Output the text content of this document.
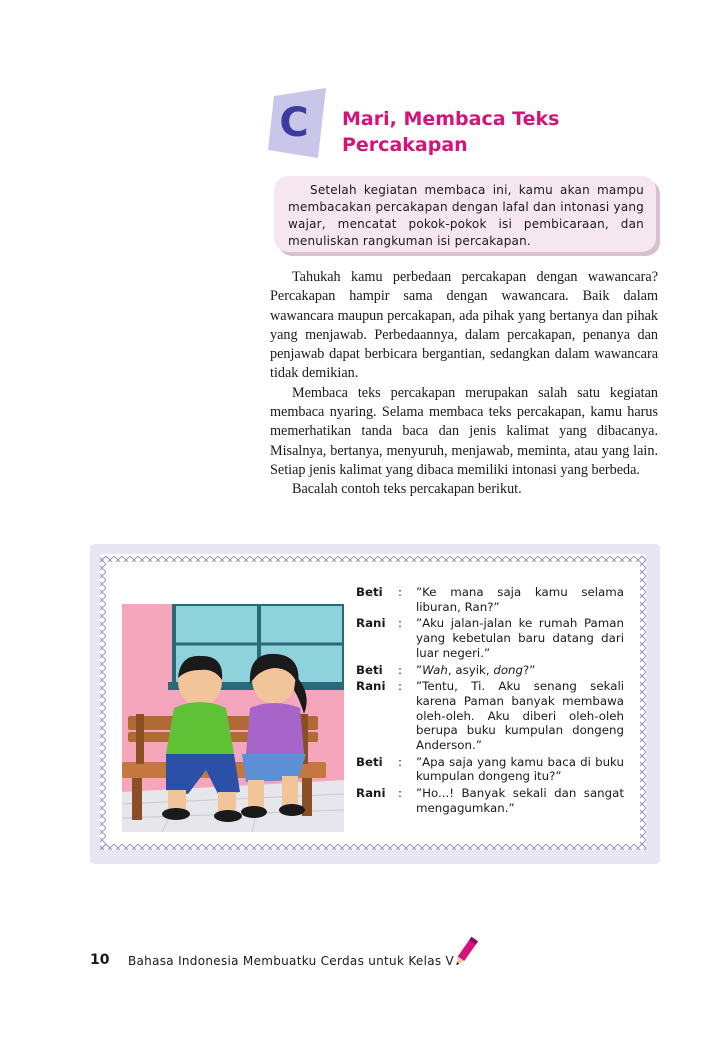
C Mari, Membaca Teks
Percakapan

Setelah kegiatan membaca ini, kamu akan mampu membacakan percakapan dengan lafal dan intonasi yang wajar, mencatat pokok-pokok isi pembicaraan, dan menuliskan rangkuman isi percakapan.

Tahukah kamu perbedaan percakapan dengan wawancara? Percakapan hampir sama dengan wawancara. Baik dalam wawancara maupun percakapan, ada pihak yang bertanya dan pihak yang menjawab. Perbedaannya, dalam percakapan, penanya dan penjawab dapat berbicara bergantian, sedangkan dalam wawancara tidak demikian.

Membaca teks percakapan merupakan salah satu kegiatan membaca nyaring. Selama membaca teks percakapan, kamu harus memerhatikan tanda baca dan jenis kalimat yang dibacanya. Misalnya, bertanya, menyuruh, menjawab, meminta, atau yang lain. Setiap jenis kalimat yang dibaca memiliki intonasi yang berbeda.

Bacalah contoh teks percakapan berikut.

Beti	:	”Ke mana saja kamu selama liburan, Ran?”
Rani	:	”Aku jalan-jalan ke rumah Paman yang kebetulan baru datang dari luar negeri.”
Beti	:	”Wah, asyik, dong?”
Rani	:	”Tentu, Ti. Aku senang sekali karena Paman banyak membawa oleh-oleh. Aku diberi oleh-oleh berupa buku kumpulan dongeng Anderson.”
Beti	:	”Apa saja yang kamu baca di buku kumpulan dongeng itu?”
Rani	:	”Ho...! Banyak sekali dan sangat mengagumkan.”
10 Bahasa Indonesia Membuatku Cerdas untuk Kelas V
